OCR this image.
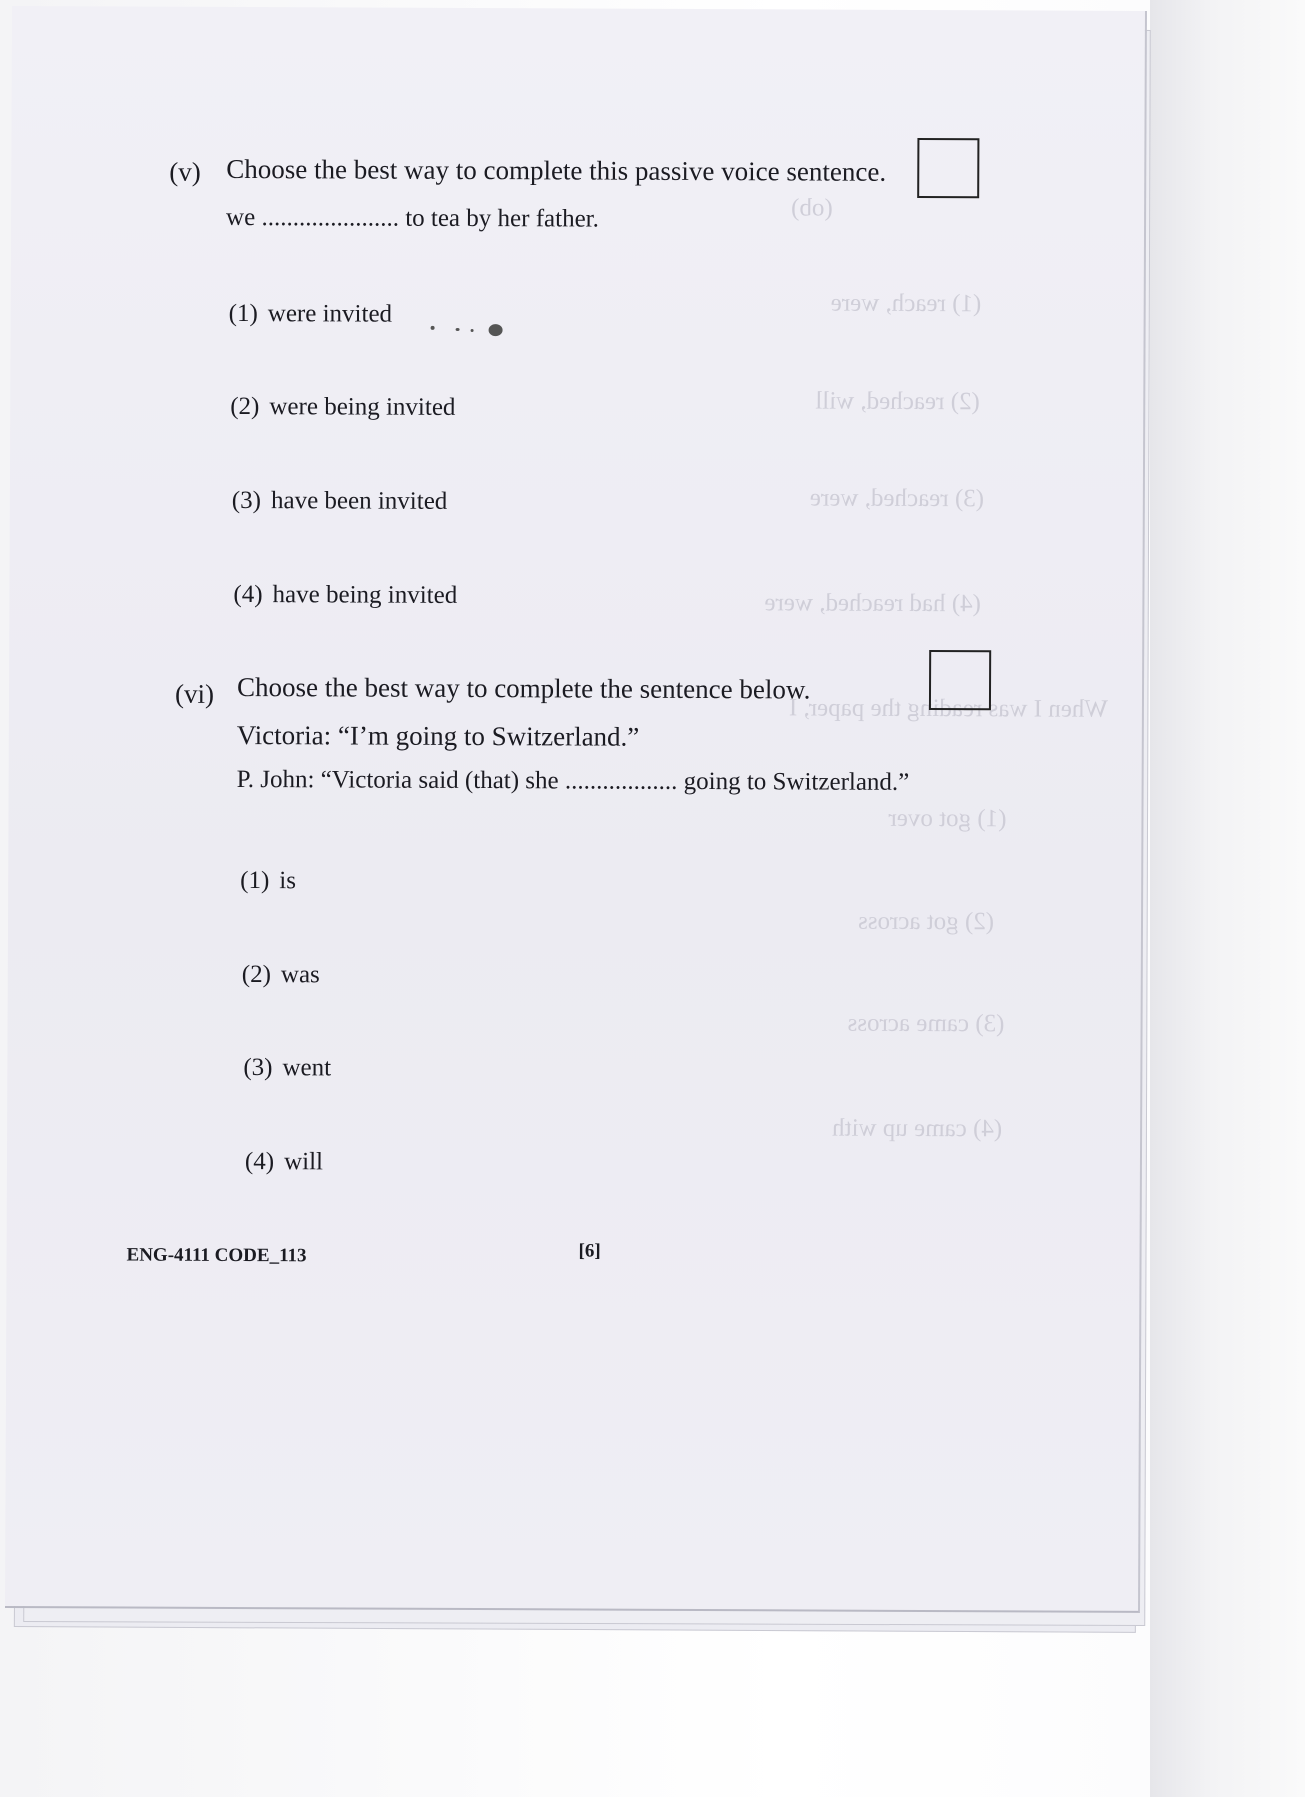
(ob)
(1) reach, were
(2) reached, will
(3) reached, were
(4) had reached, were
When I was reading the paper, I
(1) got over
(2) got across
(3) came across
(4) came up with
(v) Choose the best way to complete this passive voice sentence.
we ...................... to tea by her father.
(1) were invited
(2) were being invited
(3) have been invited
(4) have being invited
(vi) Choose the best way to complete the sentence below.
Victoria: “I’m going to Switzerland.”
P. John: “Victoria said (that) she .................. going to Switzerland.”
(1) is
(2) was
(3) went
(4) will
ENG-4111 CODE_113	[6]
